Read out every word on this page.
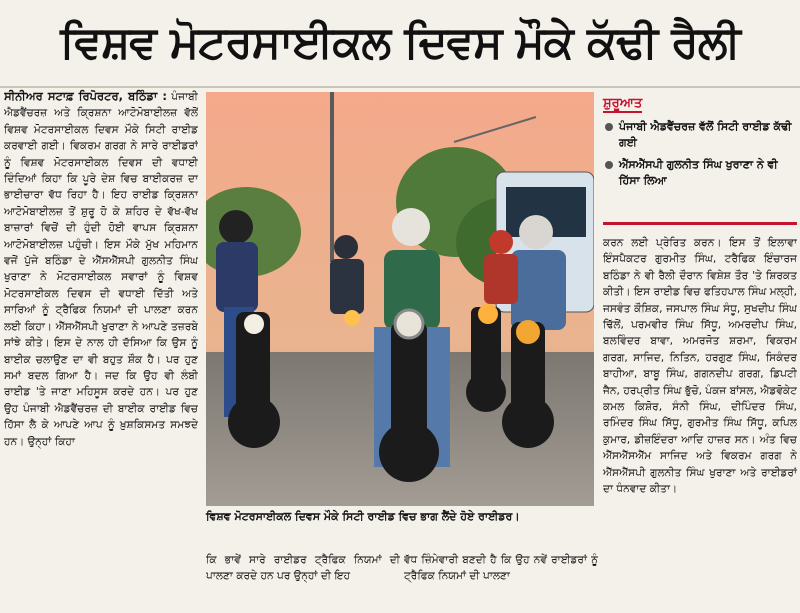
ਵਿਸ਼ਵ ਮੋਟਰਸਾਈਕਲ ਦਿਵਸ ਮੌਕੇ ਕੱਢੀ ਰੈਲੀ
ਸੀਨੀਅਰ ਸਟਾਫ਼ ਰਿਪੋਰਟਰ, ਬਠਿੰਡਾ : ਪੰਜਾਬੀ ਐਡਵੈਂਚਰਜ਼ ਅਤੇ ਕ੍ਰਿਸ਼ਨਾ ਆਟੋਮੋਬਾਈਲਜ਼ ਵੱਲੋਂ ਵਿਸ਼ਵ ਮੋਟਰਸਾਈਕਲ ਦਿਵਸ ਮੌਕੇ ਸਿਟੀ ਰਾਈਡ ਕਰਵਾਈ ਗਈ। ਵਿਕਰਮ ਗਰਗ ਨੇ ਸਾਰੇ ਰਾਈਡਰਾਂ ਨੂੰ ਵਿਸ਼ਵ ਮੋਟਰਸਾਈਕਲ ਦਿਵਸ ਦੀ ਵਧਾਈ ਦਿੰਦਿਆਂ ਕਿਹਾ ਕਿ ਪੂਰੇ ਦੇਸ਼ ਵਿਚ ਬਾਈਕਰਜ਼ ਦਾ ਭਾਈਚਾਰਾ ਵੱਧ ਰਿਹਾ ਹੈ। ਇਹ ਰਾਈਡ ਕ੍ਰਿਸ਼ਨਾ ਆਟੋਮੋਬਾਈਲਜ਼ ਤੋਂ ਸ਼ੁਰੂ ਹੋ ਕੇ ਸ਼ਹਿਰ ਦੇ ਵੱਖ-ਵੱਖ ਬਾਜ਼ਾਰਾਂ ਵਿਚੋਂ ਦੀ ਹੁੰਦੀ ਹੋਈ ਵਾਪਸ ਕ੍ਰਿਸ਼ਨਾ ਆਟੋਮੋਬਾਈਲਜ਼ ਪਹੁੰਚੀ। ਇਸ ਮੌਕੇ ਮੁੱਖ ਮਹਿਮਾਨ ਵਜੋਂ ਪੁੱਜੇ ਬਠਿੰਡਾ ਦੇ ਐੱਸਐੱਸਪੀ ਗੁਲਨੀਤ ਸਿੰਘ ਖੁਰਾਣਾ ਨੇ ਮੋਟਰਸਾਈਕਲ ਸਵਾਰਾਂ ਨੂੰ ਵਿਸ਼ਵ ਮੋਟਰਸਾਈਕਲ ਦਿਵਸ ਦੀ ਵਧਾਈ ਦਿੱਤੀ ਅਤੇ ਸਾਰਿਆਂ ਨੂੰ ਟ੍ਰੈਫਿਕ ਨਿਯਮਾਂ ਦੀ ਪਾਲਣਾ ਕਰਨ ਲਈ ਕਿਹਾ। ਐੱਸਐੱਸਪੀ ਖੁਰਾਣਾ ਨੇ ਆਪਣੇ ਤਜ਼ਰਬੇ ਸਾਂਝੇ ਕੀਤੇ। ਇਸ ਦੇ ਨਾਲ ਹੀ ਦੱਸਿਆ ਕਿ ਉਸ ਨੂੰ ਬਾਈਕ ਚਲਾਉਣ ਦਾ ਵੀ ਬਹੁਤ ਸ਼ੌਕ ਹੈ। ਪਰ ਹੁਣ ਸਮਾਂ ਬਦਲ ਗਿਆ ਹੈ। ਜਦ ਕਿ ਉਹ ਵੀ ਲੰਬੀ ਰਾਈਡ 'ਤੇ ਜਾਣਾ ਮਹਿਸੂਸ ਕਰਦੇ ਹਨ। ਪਰ ਹੁਣ ਉਹ ਪੰਜਾਬੀ ਐਡਵੈਂਚਰਜ਼ ਦੀ ਬਾਈਕ ਰਾਈਡ ਵਿਚ ਹਿੱਸਾ ਲੈ ਕੇ ਆਪਣੇ ਆਪ ਨੂੰ ਖ਼ੁਸ਼ਕਿਸਮਤ ਸਮਝਦੇ ਹਨ। ਉਨ੍ਹਾਂ ਕਿਹਾ
ਵਿਸ਼ਵ ਮੋਟਰਸਾਈਕਲ ਦਿਵਸ ਮੌਕੇ ਸਿਟੀ ਰਾਈਡ ਵਿਚ ਭਾਗ ਲੈਂਦੇ ਹੋਏ ਰਾਈਡਰ।
ਕਿ ਭਾਵੇਂ ਸਾਰੇ ਰਾਈਡਰ ਟ੍ਰੈਫਿਕ ਨਿਯਮਾਂ ਦੀ ਪਾਲਣਾ ਕਰਦੇ ਹਨ ਪਰ ਉਨ੍ਹਾਂ ਦੀ ਇਹ
ਵੱਧ ਜ਼ਿੰਮੇਵਾਰੀ ਬਣਦੀ ਹੈ ਕਿ ਉਹ ਨਵੇਂ ਰਾਈਡਰਾਂ ਨੂੰ ਟ੍ਰੈਫਿਕ ਨਿਯਮਾਂ ਦੀ ਪਾਲਣਾ
ਸ਼ੁਰੂਆਤ
ਪੰਜਾਬੀ ਐਡਵੈਂਚਰਜ਼ ਵੱਲੋਂ ਸਿਟੀ ਰਾਈਡ ਕੱਢੀ ਗਈ
ਐੱਸਐੱਸਪੀ ਗੁਲਨੀਤ ਸਿੰਘ ਖੁਰਾਣਾ ਨੇ ਵੀ ਹਿੱਸਾ ਲਿਆ
ਕਰਨ ਲਈ ਪ੍ਰੇਰਿਤ ਕਰਨ। ਇਸ ਤੋਂ ਇਲਾਵਾ ਇੰਸਪੈਕਟਰ ਗੁਰਮੀਤ ਸਿੰਘ, ਟਰੈਫਿਕ ਇੰਚਾਰਜ ਬਠਿੰਡਾ ਨੇ ਵੀ ਰੈਲੀ ਦੌਰਾਨ ਵਿਸ਼ੇਸ਼ ਤੌਰ 'ਤੇ ਸ਼ਿਰਕਤ ਕੀਤੀ। ਇਸ ਰਾਈਡ ਵਿਚ ਫਤਿਹਪਾਲ ਸਿੰਘ ਮਲ੍ਹੀ, ਜਸਵੰਤ ਕੌਸ਼ਿਕ, ਜਸਪਾਲ ਸਿੰਘ ਸੰਧੂ, ਸੁਖਦੀਪ ਸਿੰਘ ਢਿੱਲੋਂ, ਪਰਮਵੀਰ ਸਿੰਘ ਸਿੱਧੂ, ਅਮਰਦੀਪ ਸਿੰਘ, ਬਲਵਿੰਦਰ ਬਾਵਾ, ਅਮਰਜੋਤ ਸ਼ਰਮਾ, ਵਿਕਰਮ ਗਰਗ, ਸਾਜਿਦ, ਨਿਤਿਨ, ਹਰਗੁਣ ਸਿੰਘ, ਸਿਕੰਦਰ ਬਾਹੀਆ, ਬਾਬੂ ਸਿੰਘ, ਗਗਨਦੀਪ ਗਰਗ, ਡਿਪਟੀ ਜੈਨ, ਹਰਪ੍ਰੀਤ ਸਿੰਘ ਭੁੱਚੋ, ਪੰਕਜ ਬਾਂਸਲ, ਐਡਵੋਕੇਟ ਕਮਲ ਕਿਸ਼ੋਰ, ਸੰਨੀ ਸਿੰਘ, ਦੀਪਿੰਦਰ ਸਿੰਘ, ਰਮਿੰਦਰ ਸਿੰਘ ਸਿੱਧੂ, ਗੁਰਮੀਤ ਸਿੰਘ ਸਿੱਧੂ, ਕਪਿਲ ਕੁਮਾਰ, ਡੀਜ਼ਇੰਦਰਾ ਆਦਿ ਹਾਜ਼ਰ ਸਨ। ਅੰਤ ਵਿਚ ਐੱਸਐੱਸਐੱਮ ਸਾਜਿਦ ਅਤੇ ਵਿਕਰਮ ਗਰਗ ਨੇ ਐੱਸਐੱਸਪੀ ਗੁਲਨੀਤ ਸਿੰਘ ਖੁਰਾਣਾ ਅਤੇ ਰਾਈਡਰਾਂ ਦਾ ਧੰਨਵਾਦ ਕੀਤਾ।
